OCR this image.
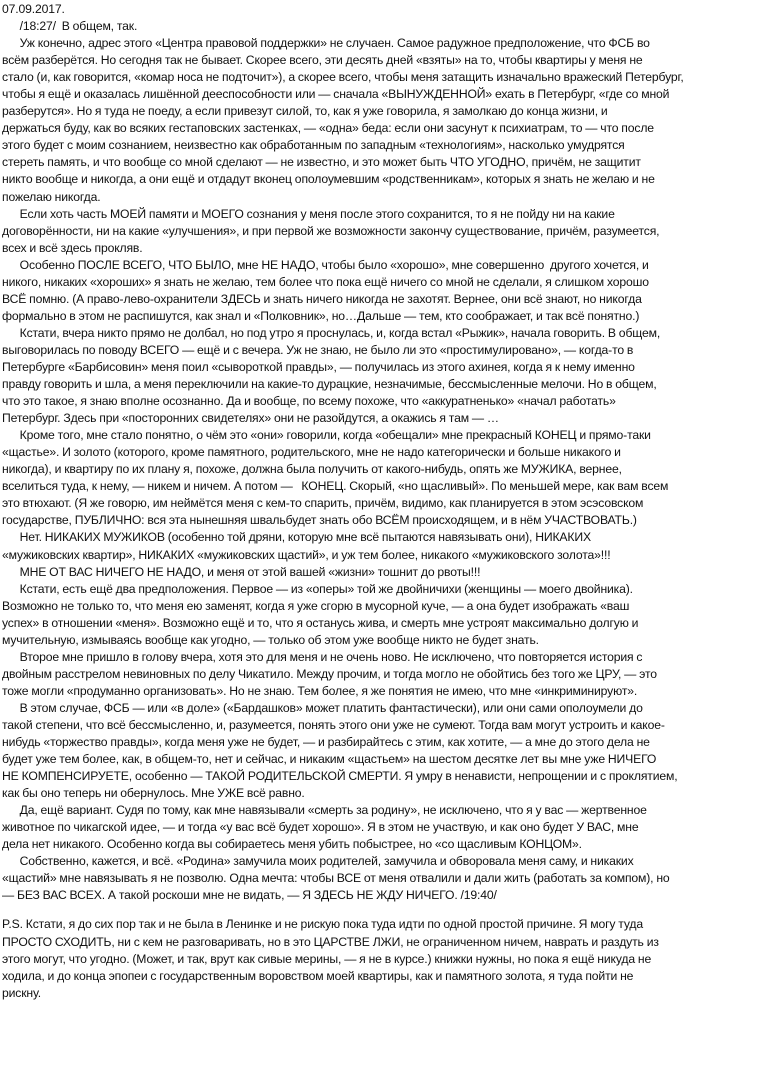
07.09.2017.
/18:27/  В общем, так.
Уж конечно, адрес этого «Центра правовой поддержки» не случаен. Самое радужное предположение, что ФСБ во
всём разберётся. Но сегодня так не бывает. Скорее всего, эти десять дней «взяты» на то, чтобы квартиры у меня не
стало (и, как говорится, «комар носа не подточит»), а скорее всего, чтобы меня затащить изначально вражеский Петербург,
чтобы я ещё и оказалась лишённой дееспособности или — сначала «ВЫНУЖДЕННОЙ» ехать в Петербург, «где со мной
разберутся». Но я туда не поеду, а если привезут силой, то, как я уже говорила, я замолкаю до конца жизни, и
держаться буду, как во всяких гестаповских застенках, — «одна» беда: если они засунут к психиатрам, то — что после
этого будет с моим сознанием, неизвестно как обработанным по западным «технологиям», насколько умудрятся
стереть память, и что вообще со мной сделают — не известно, и это может быть ЧТО УГОДНО, причём, не защитит
никто вообще и никогда, а они ещё и отдадут вконец ополоумевшим «родственникам», которых я знать не желаю и не
пожелаю никогда.
Если хоть часть МОЕЙ памяти и МОЕГО сознания у меня после этого сохранится, то я не пойду ни на какие
договорённости, ни на какие «улучшения», и при первой же возможности закончу существование, причём, разумеется,
всех и всё здесь прокляв.
Особенно ПОСЛЕ ВСЕГО, ЧТО БЫЛО, мне НЕ НАДО, чтобы было «хорошо», мне совершенно  другого хочется, и
никого, никаких «хороших» я знать не желаю, тем более что пока ещё ничего со мной не сделали, я слишком хорошо
ВСЁ помню. (А право-лево-охранители ЗДЕСЬ и знать ничего никогда не захотят. Вернее, они всё знают, но никогда
формально в этом не распишутся, как знал и «Полковник», но…Дальше — тем, кто соображает, и так всё понятно.)
Кстати, вчера никто прямо не долбал, но под утро я проснулась, и, когда встал «Рыжик», начала говорить. В общем,
выговорилась по поводу ВСЕГО — ещё и с вечера. Уж не знаю, не было ли это «простимулировано», — когда-то в
Петербурге «Барбисовин» меня поил «сывороткой правды», — получилась из этого ахинея, когда я к нему именно
правду говорить и шла, а меня переключили на какие-то дурацкие, незначимые, бессмысленные мелочи. Но в общем,
что это такое, я знаю вполне осознанно. Да и вообще, по всему похоже, что «аккуратненько» «начал работать»
Петербург. Здесь при «посторонних свидетелях» они не разойдутся, а окажись я там — …
Кроме того, мне стало понятно, о чём это «они» говорили, когда «обещали» мне прекрасный КОНЕЦ и прямо-таки
«щастье». И золото (которого, кроме памятного, родительского, мне не надо категорически и больше никакого и
никогда), и квартиру по их плану я, похоже, должна была получить от какого-нибудь, опять же МУЖИКА, вернее,
вселиться туда, к нему, — никем и ничем. А потом —   КОНЕЦ. Скорый, «но щасливый». По меньшей мере, как вам всем
это втюхают. (Я же говорю, им неймётся меня с кем-то спарить, причём, видимо, как планируется в этом эсэсовском
государстве, ПУБЛИЧНО: вся эта нынешняя швальбудет знать обо ВСЁМ происходящем, и в нём УЧАСТВОВАТЬ.)
Нет. НИКАКИХ МУЖИКОВ (особенно той дряни, которую мне всё пытаются навязывать они), НИКАКИХ
«мужиковских квартир», НИКАКИХ «мужиковских щастий», и уж тем более, никакого «мужиковского золота»!!!
МНЕ ОТ ВАС НИЧЕГО НЕ НАДО, и меня от этой вашей «жизни» тошнит до рвоты!!!
Кстати, есть ещё два предположения. Первое — из «оперы» той же двойничихи (женщины — моего двойника).
Возможно не только то, что меня ею заменят, когда я уже сгорю в мусорной куче, — а она будет изображать «ваш
успех» в отношении «меня». Возможно ещё и то, что я останусь жива, и смерть мне устроят максимально долгую и
мучительную, измываясь вообще как угодно, — только об этом уже вообще никто не будет знать.
Второе мне пришло в голову вчера, хотя это для меня и не очень ново. Не исключено, что повторяется история с
двойным расстрелом невиновных по делу Чикатило. Между прочим, и тогда могло не обойтись без того же ЦРУ, — это
тоже могли «продуманно организовать». Но не знаю. Тем более, я же понятия не имею, что мне «инкриминируют».
В этом случае, ФСБ — или «в доле» («Бардашков» может платить фантастически), или они сами ополоумели до
такой степени, что всё бессмысленно, и, разумеется, понять этого они уже не сумеют. Тогда вам могут устроить и какое-
нибудь «торжество правды», когда меня уже не будет, — и разбирайтесь с этим, как хотите, — а мне до этого дела не
будет уже тем более, как, в общем-то, нет и сейчас, и никаким «щастьем» на шестом десятке лет вы мне уже НИЧЕГО
НЕ КОМПЕНСИРУЕТЕ, особенно — ТАКОЙ РОДИТЕЛЬСКОЙ СМЕРТИ. Я умру в ненависти, непрощении и с проклятием,
как бы оно теперь ни обернулось. Мне УЖЕ всё равно.
Да, ещё вариант. Судя по тому, как мне навязывали «смерть за родину», не исключено, что я у вас — жертвенное
животное по чикагской идее, — и тогда «у вас всё будет хорошо». Я в этом не участвую, и как оно будет У ВАС, мне
дела нет никакого. Особенно когда вы собираетесь меня убить побыстрее, но «со щасливым КОНЦОМ».
Собственно, кажется, и всё. «Родина» замучила моих родителей, замучила и обворовала меня саму, и никаких
«щастий» мне навязывать я не позволю. Одна мечта: чтобы ВСЕ от меня отвалили и дали жить (работать за компом), но
— БЕЗ ВАС ВСЕХ. А такой роскоши мне не видать, — Я ЗДЕСЬ НЕ ЖДУ НИЧЕГО. /19:40/
P.S. Кстати, я до сих пор так и не была в Ленинке и не рискую пока туда идти по одной простой причине. Я могу туда
ПРОСТО СХОДИТЬ, ни с кем не разговаривать, но в это ЦАРСТВЕ ЛЖИ, не ограниченном ничем, наврать и раздуть из
этого могут, что угодно. (Может, и так, врут как сивые мерины, — я не в курсе.) книжки нужны, но пока я ещё никуда не
ходила, и до конца эпопеи с государственным воровством моей квартиры, как и памятного золота, я туда пойти не
рискну.
